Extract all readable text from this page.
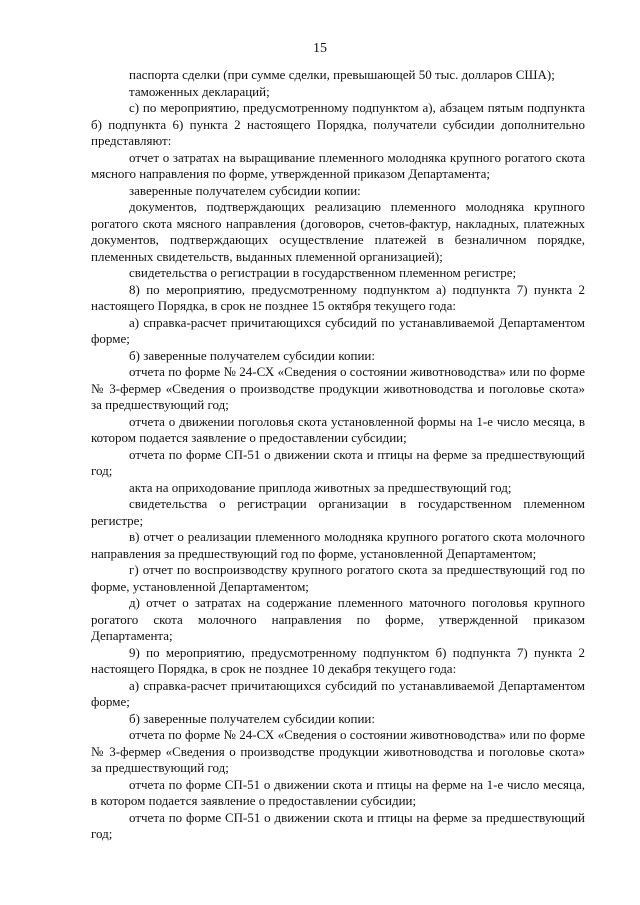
15

паспорта сделки (при сумме сделки, превышающей 50 тыс. долларов США);

таможенных деклараций;

с) по мероприятию, предусмотренному подпунктом а), абзацем пятым подпункта б) подпункта 6) пункта 2 настоящего Порядка, получатели субсидии дополнительно представляют:

отчет о затратах на выращивание племенного молодняка крупного рогатого скота мясного направления по форме, утвержденной приказом Департамента;

заверенные получателем субсидии копии:

документов, подтверждающих реализацию племенного молодняка крупного рогатого скота мясного направления (договоров, счетов-фактур, накладных, платежных документов, подтверждающих осуществление платежей в безналичном порядке, племенных свидетельств, выданных племенной организацией);

свидетельства о регистрации в государственном племенном регистре;

8) по мероприятию, предусмотренному подпунктом а) подпункта 7) пункта 2 настоящего Порядка, в срок не позднее 15 октября текущего года:

а) справка-расчет причитающихся субсидий по устанавливаемой Департаментом форме;

б) заверенные получателем субсидии копии:

отчета по форме № 24-СХ «Сведения о состоянии животноводства» или по форме № 3-фермер «Сведения о производстве продукции животноводства и поголовье скота» за предшествующий год;

отчета о движении поголовья скота установленной формы на 1-е число месяца, в котором подается заявление о предоставлении субсидии;

отчета по форме СП-51 о движении скота и птицы на ферме за предшествующий год;

акта на оприходование приплода животных за предшествующий год;

свидетельства о регистрации организации в государственном племенном регистре;

в) отчет о реализации племенного молодняка крупного рогатого скота молочного направления за предшествующий год по форме, установленной Департаментом;

г) отчет по воспроизводству крупного рогатого скота за предшествующий год по форме, установленной Департаментом;

д) отчет о затратах на содержание племенного маточного поголовья крупного рогатого скота молочного направления по форме, утвержденной приказом Департамента;

9) по мероприятию, предусмотренному подпунктом б) подпункта 7) пункта 2 настоящего Порядка, в срок не позднее 10 декабря текущего года:

а) справка-расчет причитающихся субсидий по устанавливаемой Департаментом форме;

б) заверенные получателем субсидии копии:

отчета по форме № 24-СХ «Сведения о состоянии животноводства» или по форме № 3-фермер «Сведения о производстве продукции животноводства и поголовье скота» за предшествующий год;

отчета по форме СП-51 о движении скота и птицы на ферме на 1-е число месяца, в котором подается заявление о предоставлении субсидии;

отчета по форме СП-51 о движении скота и птицы на ферме за предшествующий год;
